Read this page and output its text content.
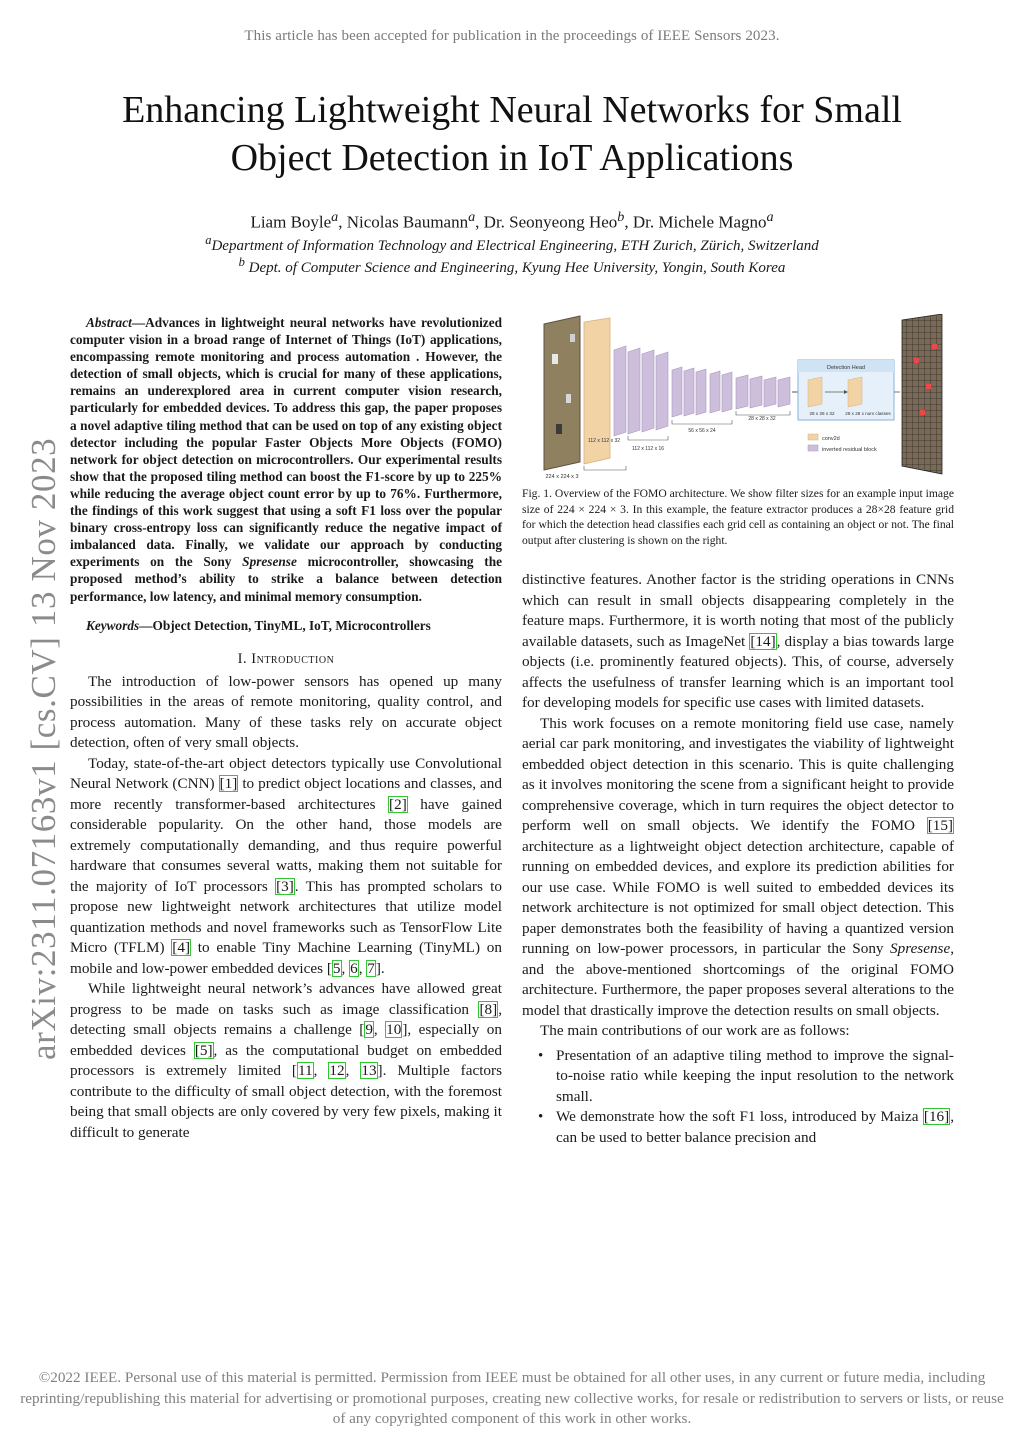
This article has been accepted for publication in the proceedings of IEEE Sensors 2023.
Enhancing Lightweight Neural Networks for Small
Object Detection in IoT Applications
Liam Boyle$^a$, Nicolas Baumann$^a$, Dr. Seonyeong Heo$^b$, Dr. Michele Magno$^a$
$^a$Department of Information Technology and Electrical Engineering, ETH Zurich, Zürich, Switzerland
$^b$ Dept. of Computer Science and Engineering, Kyung Hee University, Yongin, South Korea
arXiv:2311.07163v1 [cs.CV] 13 Nov 2023
Abstract—Advances in lightweight neural networks have revolutionized computer vision in a broad range of Internet of Things (IoT) applications, encompassing remote monitoring and process automation . However, the detection of small objects, which is crucial for many of these applications, remains an underexplored area in current computer vision research, particularly for embedded devices. To address this gap, the paper proposes a novel adaptive tiling method that can be used on top of any existing object detector including the popular Faster Objects More Objects (FOMO) network for object detection on microcontrollers. Our experimental results show that the proposed tiling method can boost the F1-score by up to 225% while reducing the average object count error by up to 76%. Furthermore, the findings of this work suggest that using a soft F1 loss over the popular binary cross-entropy loss can significantly reduce the negative impact of imbalanced data. Finally, we validate our approach by conducting experiments on the Sony Spresense microcontroller, showcasing the proposed method’s ability to strike a balance between detection performance, low latency, and minimal memory consumption.
Keywords—Object Detection, TinyML, IoT, Microcontrollers
I. Introduction

The introduction of low-power sensors has opened up many possibilities in the areas of remote monitoring, quality control, and process automation. Many of these tasks rely on accurate object detection, often of very small objects.

Today, state-of-the-art object detectors typically use Convolutional Neural Network (CNN) [1] to predict object locations and classes, and more recently transformer-based architectures [2] have gained considerable popularity. On the other hand, those models are extremely computationally demanding, and thus require powerful hardware that consumes several watts, making them not suitable for the majority of IoT processors [3]. This has prompted scholars to propose new lightweight network architectures that utilize model quantization methods and novel frameworks such as TensorFlow Lite Micro (TFLM) [4] to enable Tiny Machine Learning (TinyML) on mobile and low-power embedded devices [5, 6, 7].

While lightweight neural network’s advances have allowed great progress to be made on tasks such as image classification [8], detecting small objects remains a challenge [9, 10], especially on embedded devices [5], as the computational budget on embedded processors is extremely limited [11, 12, 13]. Multiple factors contribute to the difficulty of small object detection, with the foremost being that small objects are only covered by very few pixels, making it difficult to generate

224 x 224 x 3
112 x 112 x 32
112 x 112 x 16
56 x 56 x 24
28 x 28 x 32
Detection Head
28 x 28 x 32 28 x 28 x num classes
conv2d
inverted residual block
Fig. 1. Overview of the FOMO architecture. We show filter sizes for an example input image size of 224 × 224 × 3. In this example, the feature extractor produces a 28×28 feature grid for which the detection head classifies each grid cell as containing an object or not. The final output after clustering is shown on the right.

distinctive features. Another factor is the striding operations in CNNs which can result in small objects disappearing completely in the feature maps. Furthermore, it is worth noting that most of the publicly available datasets, such as ImageNet [14], display a bias towards large objects (i.e. prominently featured objects). This, of course, adversely affects the usefulness of transfer learning which is an important tool for developing models for specific use cases with limited datasets.

This work focuses on a remote monitoring field use case, namely aerial car park monitoring, and investigates the viability of lightweight embedded object detection in this scenario. This is quite challenging as it involves monitoring the scene from a significant height to provide comprehensive coverage, which in turn requires the object detector to perform well on small objects. We identify the FOMO [15] architecture as a lightweight object detection architecture, capable of running on embedded devices, and explore its prediction abilities for our use case. While FOMO is well suited to embedded devices its network architecture is not optimized for small object detection. This paper demonstrates both the feasibility of having a quantized version running on low-power processors, in particular the Sony Spresense, and the above-mentioned shortcomings of the original FOMO architecture. Furthermore, the paper proposes several alterations to the model that drastically improve the detection results on small objects.

The main contributions of our work are as follows:

• Presentation of an adaptive tiling method to improve the signal-to-noise ratio while keeping the input resolution to the network small.
• We demonstrate how the soft F1 loss, introduced by Maiza [16], can be used to better balance precision and
©2022 IEEE. Personal use of this material is permitted. Permission from IEEE must be obtained for all other uses, in any current or future media, including reprinting/republishing this material for advertising or promotional purposes, creating new collective works, for resale or redistribution to servers or lists, or reuse of any copyrighted component of this work in other works.
